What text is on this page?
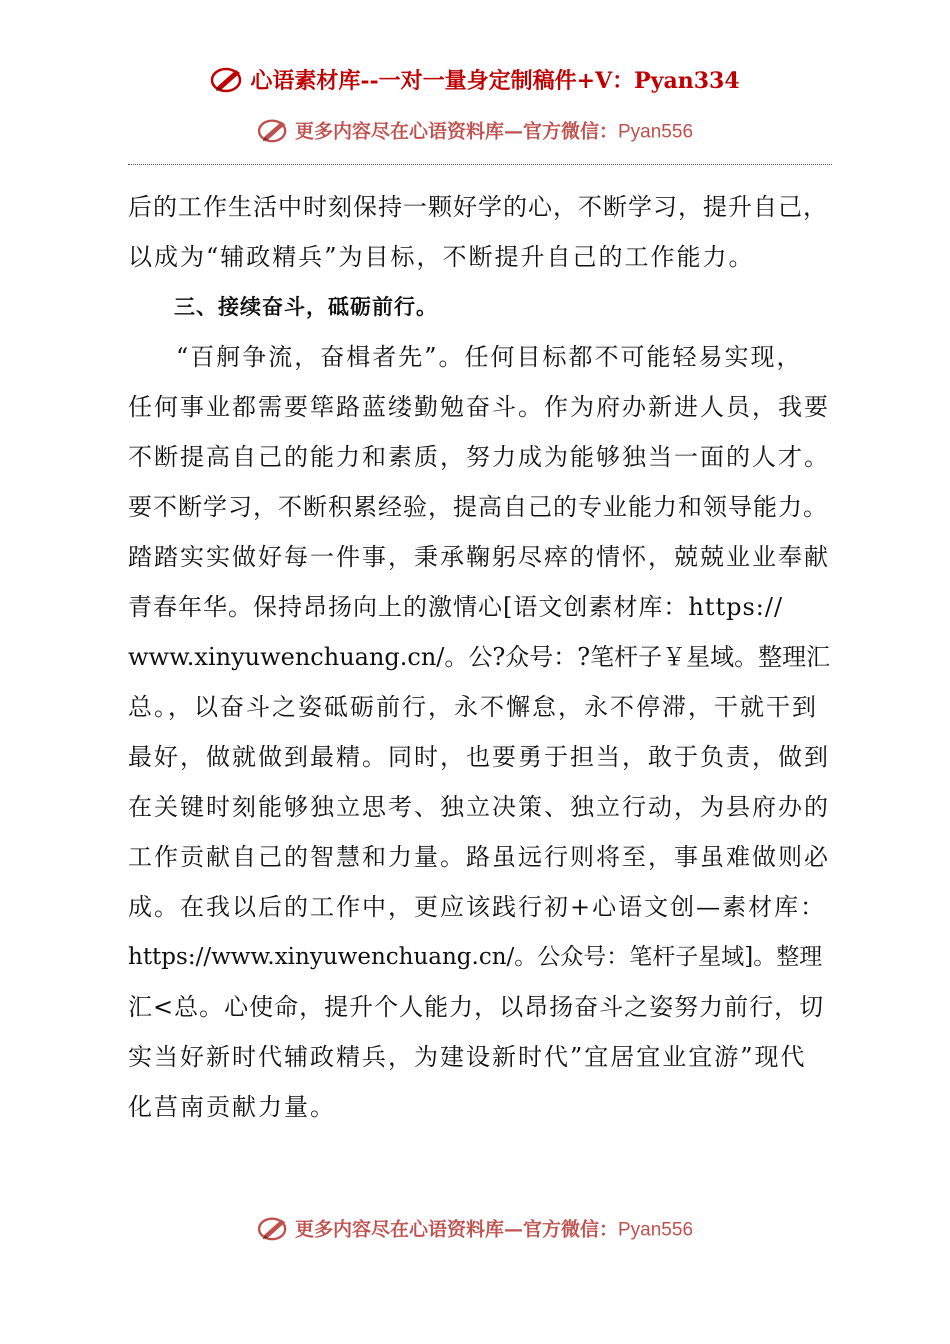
心语素材库--一对一量身定制稿件+V：Pyan334
更多内容尽在心语资料库—官方微信：Pyan556
后的工作生活中时刻保持一颗好学的心，不断学习，提升自己，
以成为“辅政精兵”为目标，不断提升自己的工作能力。
三、接续奋斗，砥砺前行。
“百舸争流，奋楫者先”。任何目标都不可能轻易实现，
任何事业都需要筚路蓝缕勤勉奋斗。作为府办新进人员，我要
不断提高自己的能力和素质，努力成为能够独当一面的人才。
要不断学习，不断积累经验，提高自己的专业能力和领导能力。
踏踏实实做好每一件事，秉承鞠躬尽瘁的情怀，兢兢业业奉献
青春年华。保持昂扬向上的激情心[语文创素材库：https://
www.xinyuwenchuang.cn/。公?众号：?笔杆子￥星域。整理汇
总。，以奋斗之姿砥砺前行，永不懈怠，永不停滞，干就干到
最好，做就做到最精。同时，也要勇于担当，敢于负责，做到
在关键时刻能够独立思考、独立决策、独立行动，为县府办的
工作贡献自己的智慧和力量。路虽远行则将至，事虽难做则必
成。在我以后的工作中，更应该践行初+心语文创—素材库：
https://www.xinyuwenchuang.cn/。公众号：笔杆子星域]。整理
汇<总。心使命，提升个人能力，以昂扬奋斗之姿努力前行，切
实当好新时代辅政精兵，为建设新时代”宜居宜业宜游”现代
化莒南贡献力量。
更多内容尽在心语资料库—官方微信：Pyan556
